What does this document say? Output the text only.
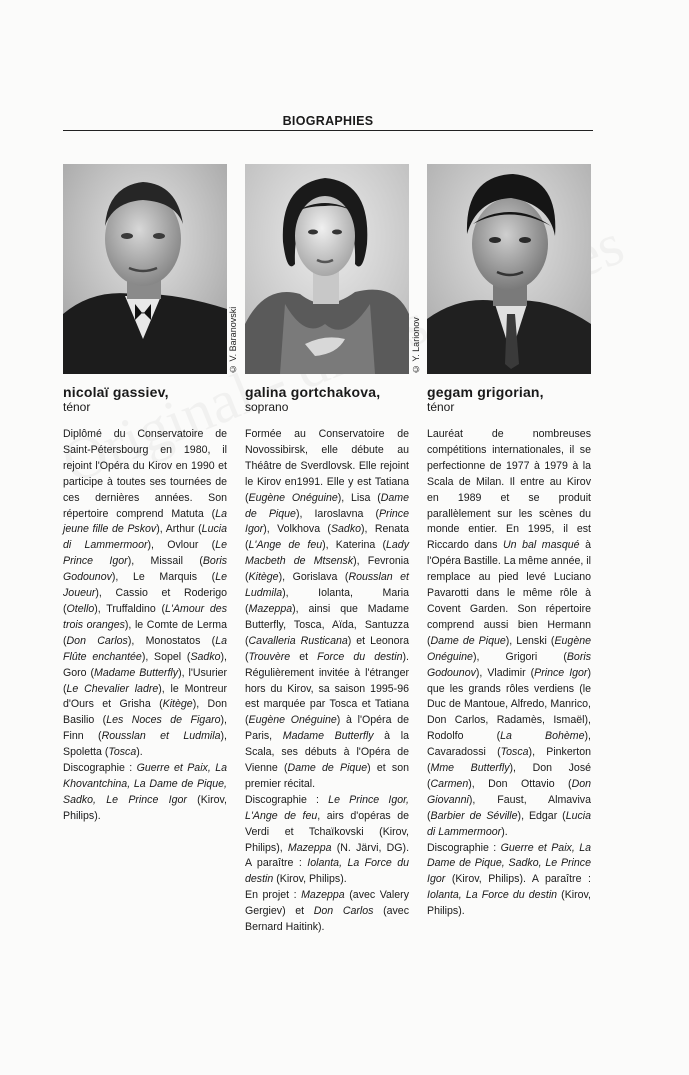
BIOGRAPHIES
nicolaï gassiev,
ténor

Diplômé du Conservatoire de Saint-Pétersbourg en 1980, il rejoint l'Opéra du Kirov en 1990 et participe à toutes ses tournées de ces dernières années. Son répertoire comprend Matuta (La jeune fille de Pskov), Arthur (Lucia di Lammermoor), Ovlour (Le Prince Igor), Missail (Boris Godounov), Le Marquis (Le Joueur), Cassio et Roderigo (Otello), Truffaldino (L'Amour des trois oranges), le Comte de Lerma (Don Carlos), Monostatos (La Flûte enchantée), Sopel (Sadko), Goro (Madame Butterfly), l'Usurier (Le Chevalier ladre), le Montreur d'Ours et Grisha (Kitège), Don Basilio (Les Noces de Figaro), Finn (Rousslan et Ludmila), Spoletta (Tosca).

Discographie : Guerre et Paix, La Khovantchina, La Dame de Pique, Sadko, Le Prince Igor (Kirov, Philips).

galina gortchakova,
soprano

Formée au Conservatoire de Novossibirsk, elle débute au Théâtre de Sverdlovsk. Elle rejoint le Kirov en1991. Elle y est Tatiana (Eugène Onéguine), Lisa (Dame de Pique), Iaroslavna (Prince Igor), Volkhova (Sadko), Renata (L'Ange de feu), Katerina (Lady Macbeth de Mtsensk), Fevronia (Kitège), Gorislava (Rousslan et Ludmila), Iolanta, Maria (Mazeppa), ainsi que Madame Butterfly, Tosca, Aïda, Santuzza (Cavalleria Rusticana) et Leonora (Trouvère et Force du destin). Régulièrement invitée à l'étranger hors du Kirov, sa saison 1995-96 est marquée par Tosca et Tatiana (Eugène Onéguine) à l'Opéra de Paris, Madame Butterfly à la Scala, ses débuts à l'Opéra de Vienne (Dame de Pique) et son premier récital.

Discographie : Le Prince Igor, L'Ange de feu, airs d'opéras de Verdi et Tchaïkovski (Kirov, Philips), Mazeppa (N. Järvi, DG). A paraître : Iolanta, La Force du destin (Kirov, Philips).

En projet : Mazeppa (avec Valery Gergiev) et Don Carlos (avec Bernard Haitink).

gegam grigorian,
ténor

Lauréat de nombreuses compétitions internationales, il se perfectionne de 1977 à 1979 à la Scala de Milan. Il entre au Kirov en 1989 et se produit parallèlement sur les scènes du monde entier. En 1995, il est Riccardo dans Un bal masqué à l'Opéra Bastille. La même année, il remplace au pied levé Luciano Pavarotti dans le même rôle à Covent Garden. Son répertoire comprend aussi bien Hermann (Dame de Pique), Lenski (Eugène Onéguine), Grigori (Boris Godounov), Vladimir (Prince Igor) que les grands rôles verdiens (le Duc de Mantoue, Alfredo, Manrico, Don Carlos, Radamès, Ismaël), Rodolfo (La Bohème), Cavaradossi (Tosca), Pinkerton (Mme Butterfly), Don José (Carmen), Don Ottavio (Don Giovanni), Faust, Almaviva (Barbier de Séville), Edgar (Lucia di Lammermoor).

Discographie : Guerre et Paix, La Dame de Pique, Sadko, Le Prince Igor (Kirov, Philips). A paraître : Iolanta, La Force du destin (Kirov, Philips).

© V. Baranovski	© Y. Larionov
